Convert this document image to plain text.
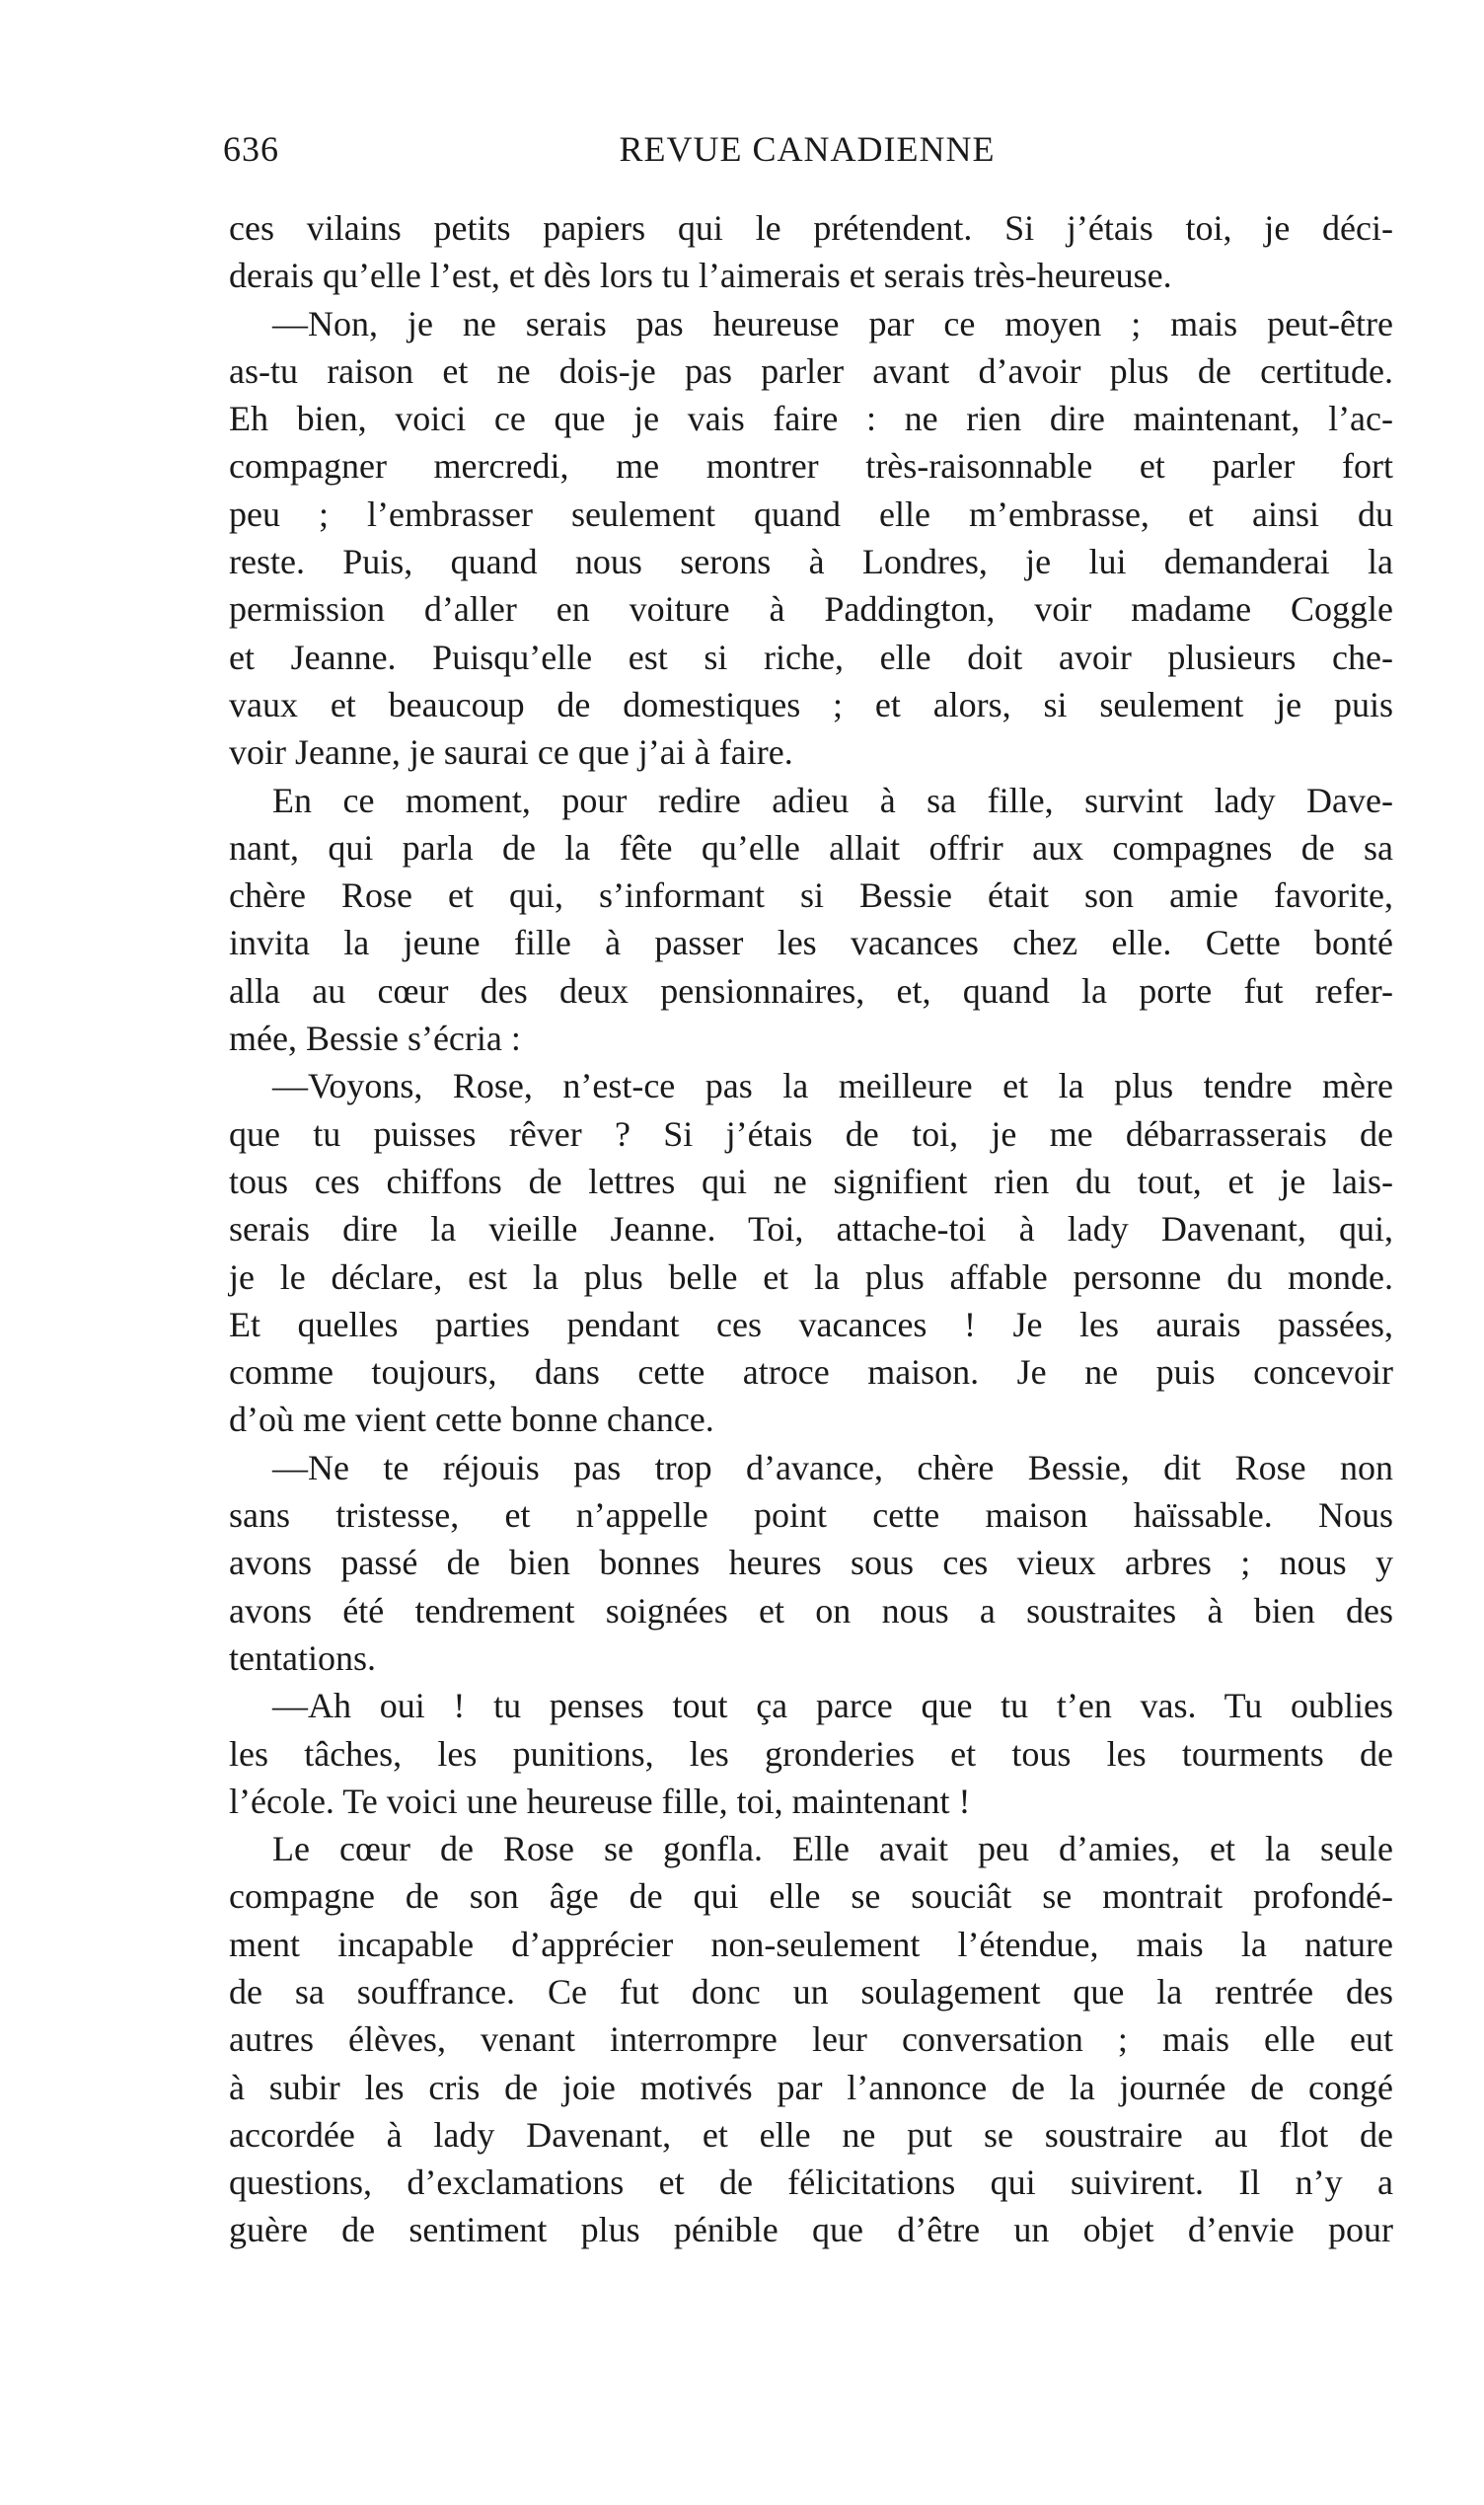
636	REVUE CANADIENNE
ces vilains petits papiers qui le prétendent. Si j’étais toi, je déci-
derais qu’elle l’est, et dès lors tu l’aimerais et serais très-heureuse.
—Non, je ne serais pas heureuse par ce moyen ; mais peut-être
as-tu raison et ne dois-je pas parler avant d’avoir plus de certitude.
Eh bien, voici ce que je vais faire : ne rien dire maintenant, l’ac-
compagner mercredi, me montrer très-raisonnable et parler fort
peu ; l’embrasser seulement quand elle m’embrasse, et ainsi du
reste. Puis, quand nous serons à Londres, je lui demanderai la
permission d’aller en voiture à Paddington, voir madame Coggle
et Jeanne. Puisqu’elle est si riche, elle doit avoir plusieurs che-
vaux et beaucoup de domestiques ; et alors, si seulement je puis
voir Jeanne, je saurai ce que j’ai à faire.
En ce moment, pour redire adieu à sa fille, survint lady Dave-
nant, qui parla de la fête qu’elle allait offrir aux compagnes de sa
chère Rose et qui, s’informant si Bessie était son amie favorite,
invita la jeune fille à passer les vacances chez elle. Cette bonté
alla au cœur des deux pensionnaires, et, quand la porte fut refer-
mée, Bessie s’écria :
—Voyons, Rose, n’est-ce pas la meilleure et la plus tendre mère
que tu puisses rêver ? Si j’étais de toi, je me débarrasserais de
tous ces chiffons de lettres qui ne signifient rien du tout, et je lais-
serais dire la vieille Jeanne. Toi, attache-toi à lady Davenant, qui,
je le déclare, est la plus belle et la plus affable personne du monde.
Et quelles parties pendant ces vacances ! Je les aurais passées,
comme toujours, dans cette atroce maison. Je ne puis concevoir
d’où me vient cette bonne chance.
—Ne te réjouis pas trop d’avance, chère Bessie, dit Rose non
sans tristesse, et n’appelle point cette maison haïssable. Nous
avons passé de bien bonnes heures sous ces vieux arbres ; nous y
avons été tendrement soignées et on nous a soustraites à bien des
tentations.
—Ah oui ! tu penses tout ça parce que tu t’en vas. Tu oublies
les tâches, les punitions, les gronderies et tous les tourments de
l’école. Te voici une heureuse fille, toi, maintenant !
Le cœur de Rose se gonfla. Elle avait peu d’amies, et la seule
compagne de son âge de qui elle se souciât se montrait profondé-
ment incapable d’apprécier non-seulement l’étendue, mais la nature
de sa souffrance. Ce fut donc un soulagement que la rentrée des
autres élèves, venant interrompre leur conversation ; mais elle eut
à subir les cris de joie motivés par l’annonce de la journée de congé
accordée à lady Davenant, et elle ne put se soustraire au flot de
questions, d’exclamations et de félicitations qui suivirent. Il n’y a
guère de sentiment plus pénible que d’être un objet d’envie pour
